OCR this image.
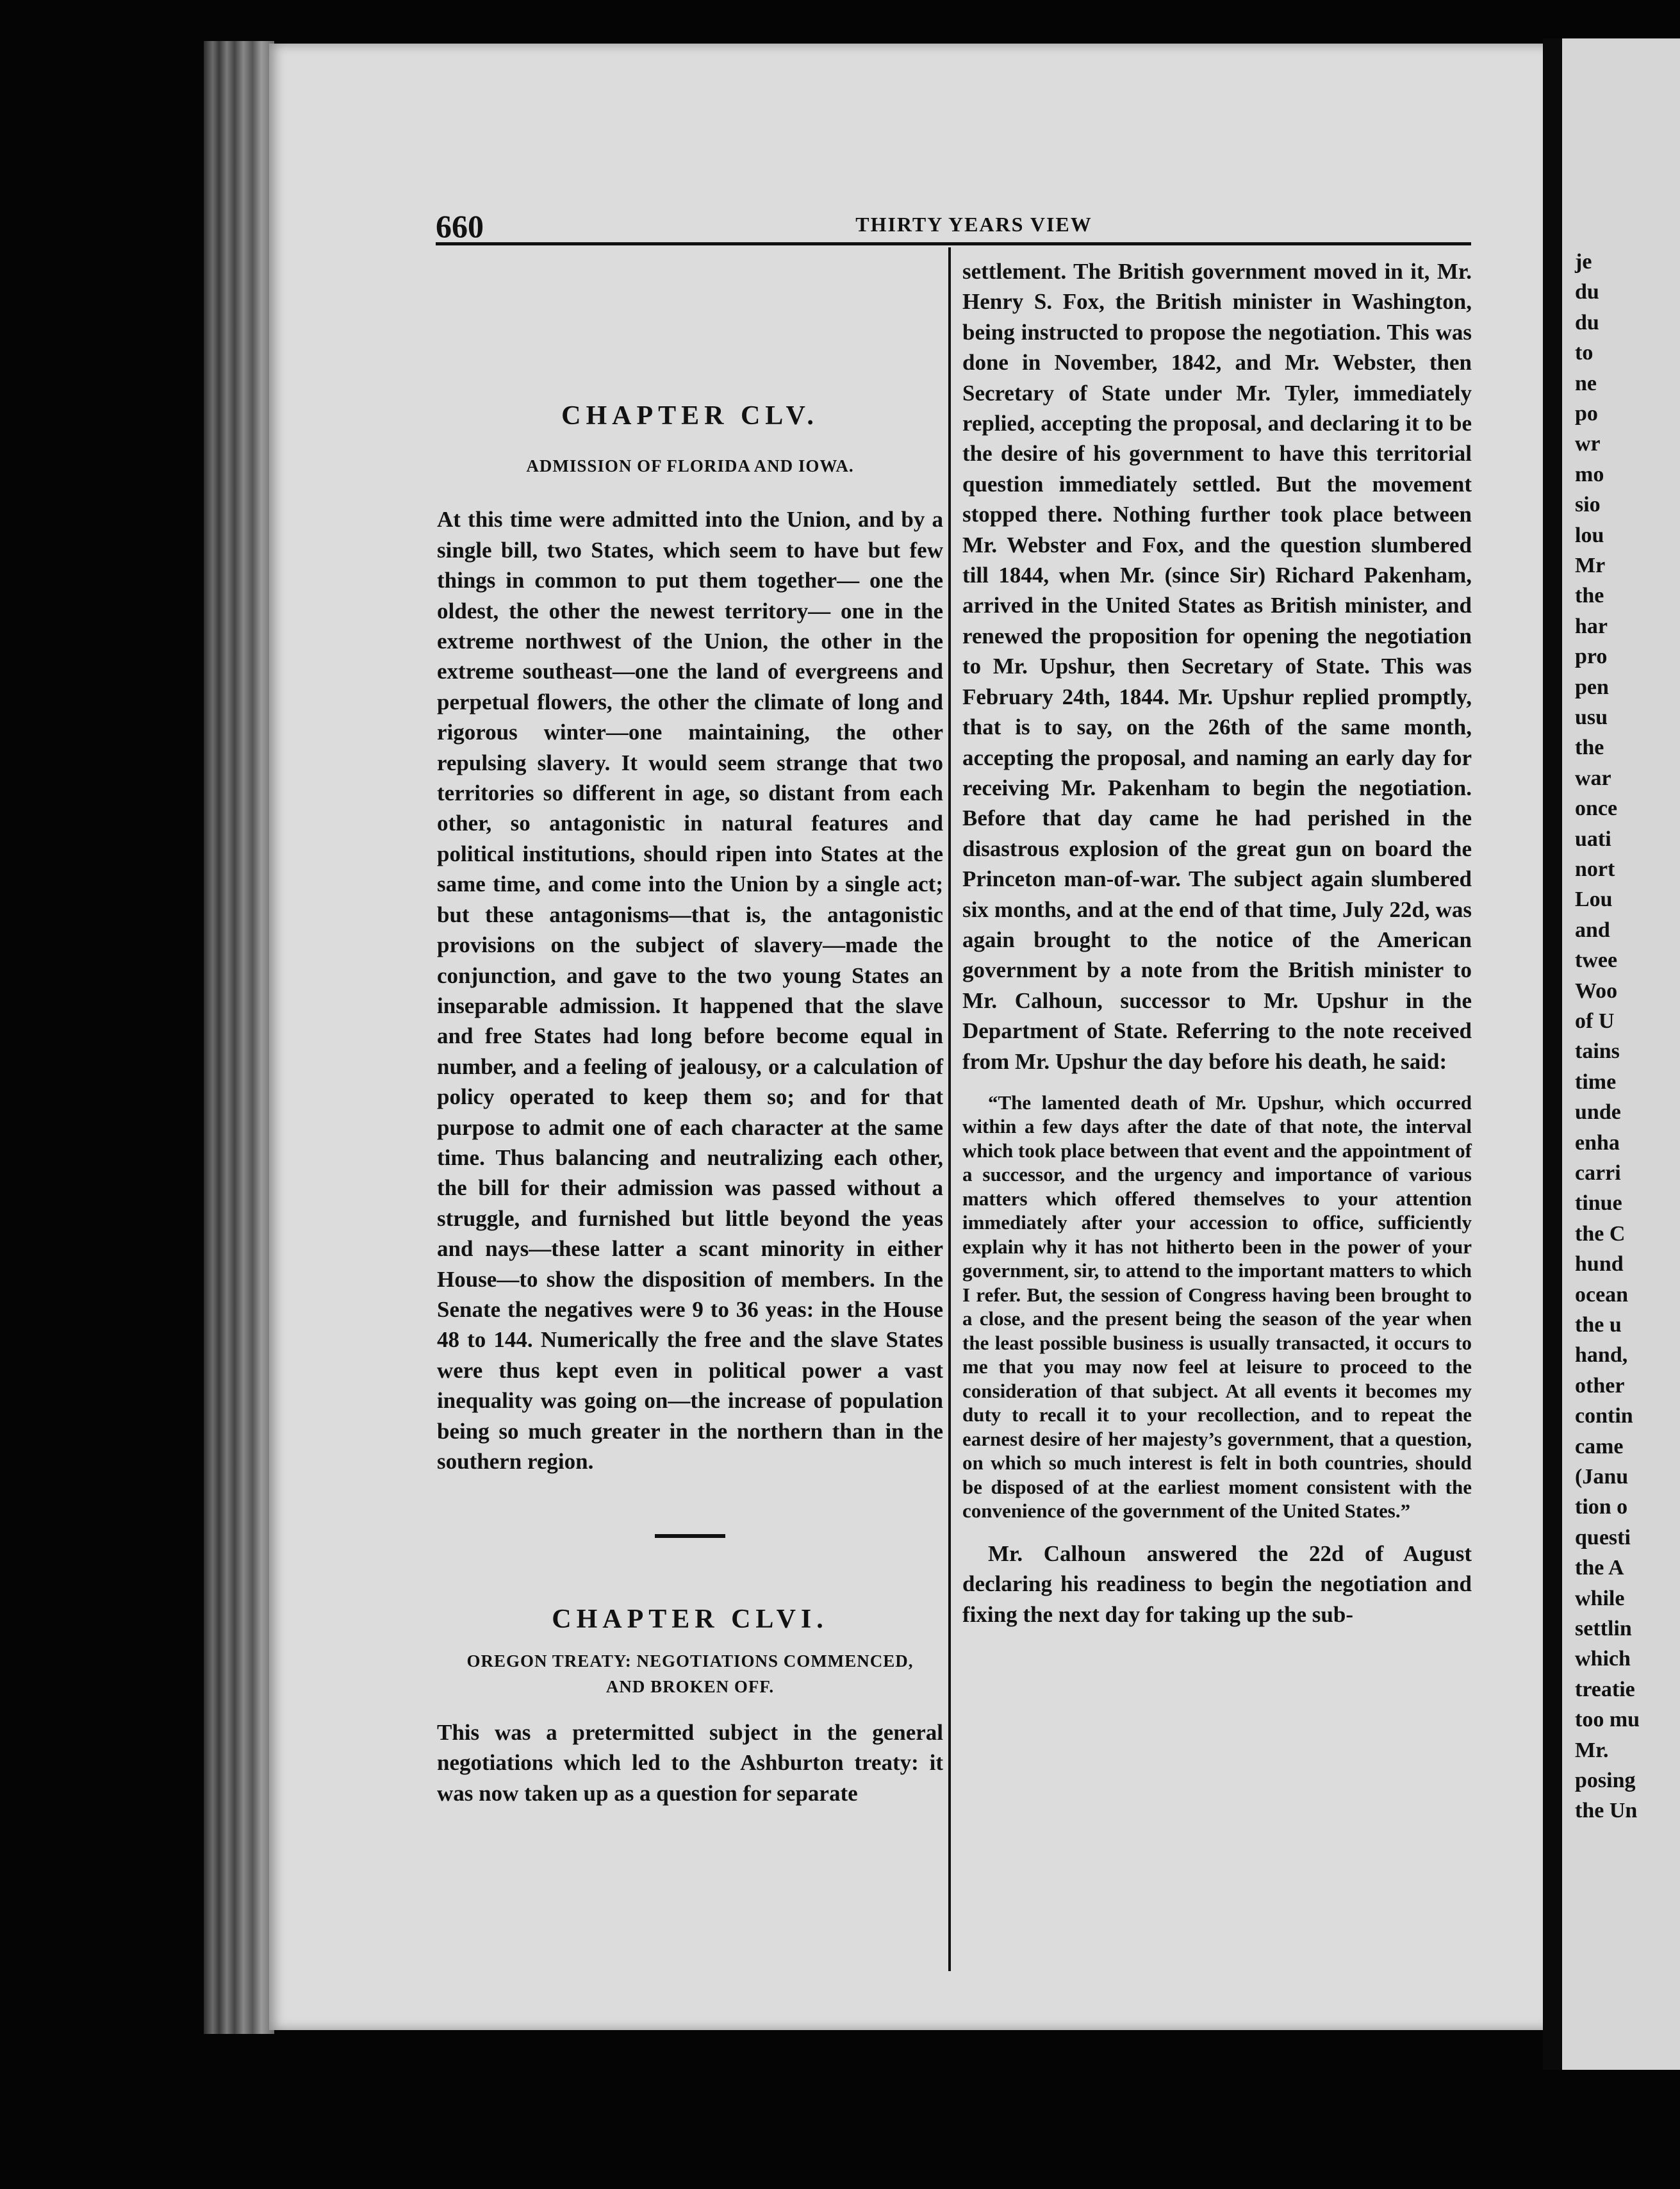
660	THIRTY YEARS VIEW

CHAPTER CLV.

ADMISSION OF FLORIDA AND IOWA.

At this time were admitted into the Union, and by a single bill, two States, which seem to have but few things in common to put them together— one the oldest, the other the newest territory— one in the extreme northwest of the Union, the other in the extreme southeast—one the land of evergreens and perpetual flowers, the other the climate of long and rigorous winter—one maintaining, the other repulsing slavery. It would seem strange that two territories so different in age, so distant from each other, so antagonistic in natural features and political institutions, should ripen into States at the same time, and come into the Union by a single act; but these antagonisms—that is, the antagonistic provisions on the subject of slavery—made the conjunction, and gave to the two young States an inseparable admission. It happened that the slave and free States had long before become equal in number, and a feeling of jealousy, or a calculation of policy operated to keep them so; and for that purpose to admit one of each character at the same time. Thus balancing and neutralizing each other, the bill for their admission was passed without a struggle, and furnished but little beyond the yeas and nays—these latter a scant minority in either House—to show the disposition of members. In the Senate the negatives were 9 to 36 yeas: in the House 48 to 144. Numerically the free and the slave States were thus kept even in political power a vast inequality was going on—the increase of population being so much greater in the northern than in the southern region.

CHAPTER CLVI.

OREGON TREATY: NEGOTIATIONS COMMENCED,

AND BROKEN OFF.

This was a pretermitted subject in the general negotiations which led to the Ashburton treaty: it was now taken up as a question for separate

settlement. The British government moved in it, Mr. Henry S. Fox, the British minister in Washington, being instructed to propose the negotiation. This was done in November, 1842, and Mr. Webster, then Secretary of State under Mr. Tyler, immediately replied, accepting the proposal, and declaring it to be the desire of his government to have this territorial question immediately settled. But the movement stopped there. Nothing further took place between Mr. Webster and Fox, and the question slumbered till 1844, when Mr. (since Sir) Richard Pakenham, arrived in the United States as British minister, and renewed the proposition for opening the negotiation to Mr. Upshur, then Secretary of State. This was February 24th, 1844. Mr. Upshur replied promptly, that is to say, on the 26th of the same month, accepting the proposal, and naming an early day for receiving Mr. Pakenham to begin the negotiation. Before that day came he had perished in the disastrous explosion of the great gun on board the Princeton man-of-war. The subject again slumbered six months, and at the end of that time, July 22d, was again brought to the notice of the American government by a note from the British minister to Mr. Calhoun, successor to Mr. Upshur in the Department of State. Referring to the note received from Mr. Upshur the day before his death, he said:

“The lamented death of Mr. Upshur, which occurred within a few days after the date of that note, the interval which took place between that event and the appointment of a successor, and the urgency and importance of various matters which offered themselves to your attention immediately after your accession to office, sufficiently explain why it has not hitherto been in the power of your government, sir, to attend to the important matters to which I refer. But, the session of Congress having been brought to a close, and the present being the season of the year when the least possible business is usually transacted, it occurs to me that you may now feel at leisure to proceed to the consideration of that subject. At all events it becomes my duty to recall it to your recollection, and to repeat the earnest desire of her majesty’s government, that a question, on which so much interest is felt in both countries, should be disposed of at the earliest moment consistent with the convenience of the government of the United States.”

Mr. Calhoun answered the 22d of August declaring his readiness to begin the negotiation and fixing the next day for taking up the sub-

je
du
du
to
ne
po
wr
mo
sio
lou
Mr
the
har
pro
pen
usu
the
war
once
uati
nort
Lou
and
twee
Woo
of U
tains
time
unde
enha
carri
tinue
the C
hund
ocean
the u
hand,
other
contin
came
(Janu
tion o
questi
the A
while
settlin
which
treatie
too mu
Mr.
posing
the Un
